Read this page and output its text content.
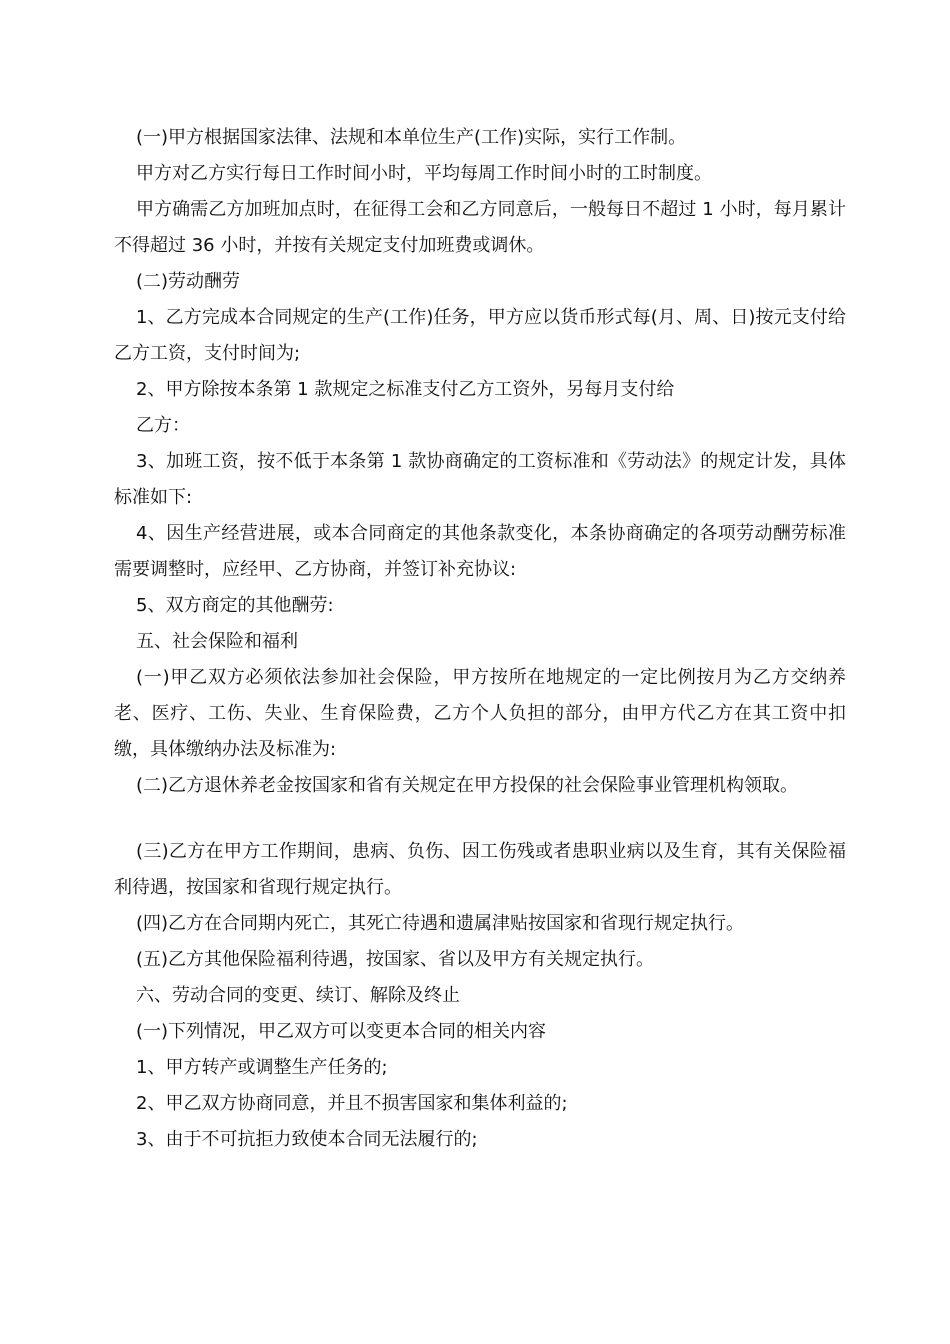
(一)甲方根据国家法律、法规和本单位生产(工作)实际，实行工作制。

甲方对乙方实行每日工作时间小时，平均每周工作时间小时的工时制度。

甲方确需乙方加班加点时，在征得工会和乙方同意后，一般每日不超过 1 小时，每月累计不得超过 36 小时，并按有关规定支付加班费或调休。

(二)劳动酬劳

1、乙方完成本合同规定的生产(工作)任务，甲方应以货币形式每(月、周、日)按元支付给乙方工资，支付时间为;

2、甲方除按本条第 1 款规定之标准支付乙方工资外，另每月支付给

乙方：

3、加班工资，按不低于本条第 1 款协商确定的工资标准和《劳动法》的规定计发，具体标准如下:

4、因生产经营进展，或本合同商定的其他条款变化，本条协商确定的各项劳动酬劳标准需要调整时，应经甲、乙方协商，并签订补充协议:

5、双方商定的其他酬劳:

五、社会保险和福利

(一)甲乙双方必须依法参加社会保险，甲方按所在地规定的一定比例按月为乙方交纳养老、医疗、工伤、失业、生育保险费，乙方个人负担的部分，由甲方代乙方在其工资中扣缴，具体缴纳办法及标准为:

(二)乙方退休养老金按国家和省有关规定在甲方投保的社会保险事业管理机构领取。

(三)乙方在甲方工作期间，患病、负伤、因工伤残或者患职业病以及生育，其有关保险福利待遇，按国家和省现行规定执行。

(四)乙方在合同期内死亡，其死亡待遇和遗属津贴按国家和省现行规定执行。

(五)乙方其他保险福利待遇，按国家、省以及甲方有关规定执行。

六、劳动合同的变更、续订、解除及终止

(一)下列情况，甲乙双方可以变更本合同的相关内容

1、甲方转产或调整生产任务的;

2、甲乙双方协商同意，并且不损害国家和集体利益的;

3、由于不可抗拒力致使本合同无法履行的;
